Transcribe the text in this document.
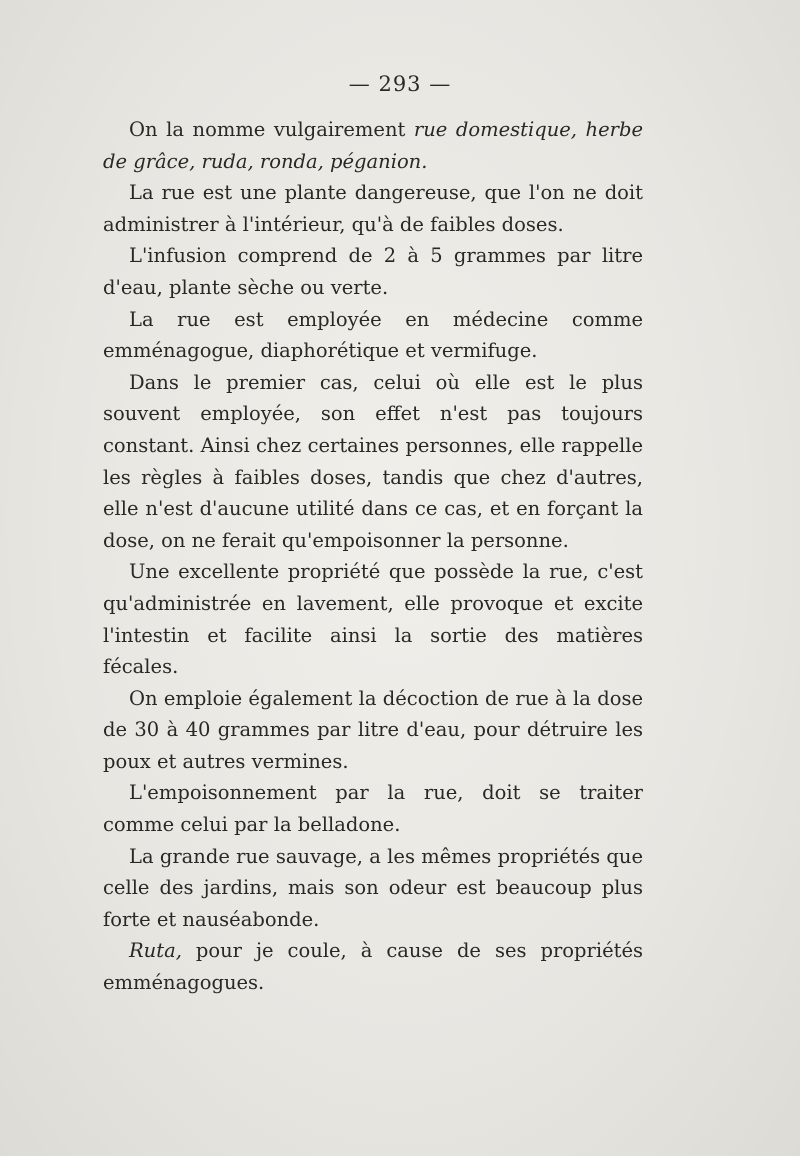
— 293 —

On la nomme vulgairement rue domestique, herbe de grâce, ruda, ronda, péganion.

La rue est une plante dangereuse, que l'on ne doit administrer à l'intérieur, qu'à de faibles doses.

L'infusion comprend de 2 à 5 grammes par litre d'eau, plante sèche ou verte.

La rue est employée en médecine comme emménagogue, diaphorétique et vermifuge.

Dans le premier cas, celui où elle est le plus souvent employée, son effet n'est pas toujours constant. Ainsi chez certaines personnes, elle rappelle les règles à faibles doses, tandis que chez d'autres, elle n'est d'aucune utilité dans ce cas, et en forçant la dose, on ne ferait qu'empoisonner la personne.

Une excellente propriété que possède la rue, c'est qu'administrée en lavement, elle provoque et excite l'intestin et facilite ainsi la sortie des matières fécales.

On emploie également la décoction de rue à la dose de 30 à 40 grammes par litre d'eau, pour détruire les poux et autres vermines.

L'empoisonnement par la rue, doit se traiter comme celui par la belladone.

La grande rue sauvage, a les mêmes propriétés que celle des jardins, mais son odeur est beaucoup plus forte et nauséabonde.

Ruta, pour je coule, à cause de ses propriétés emménagogues.
